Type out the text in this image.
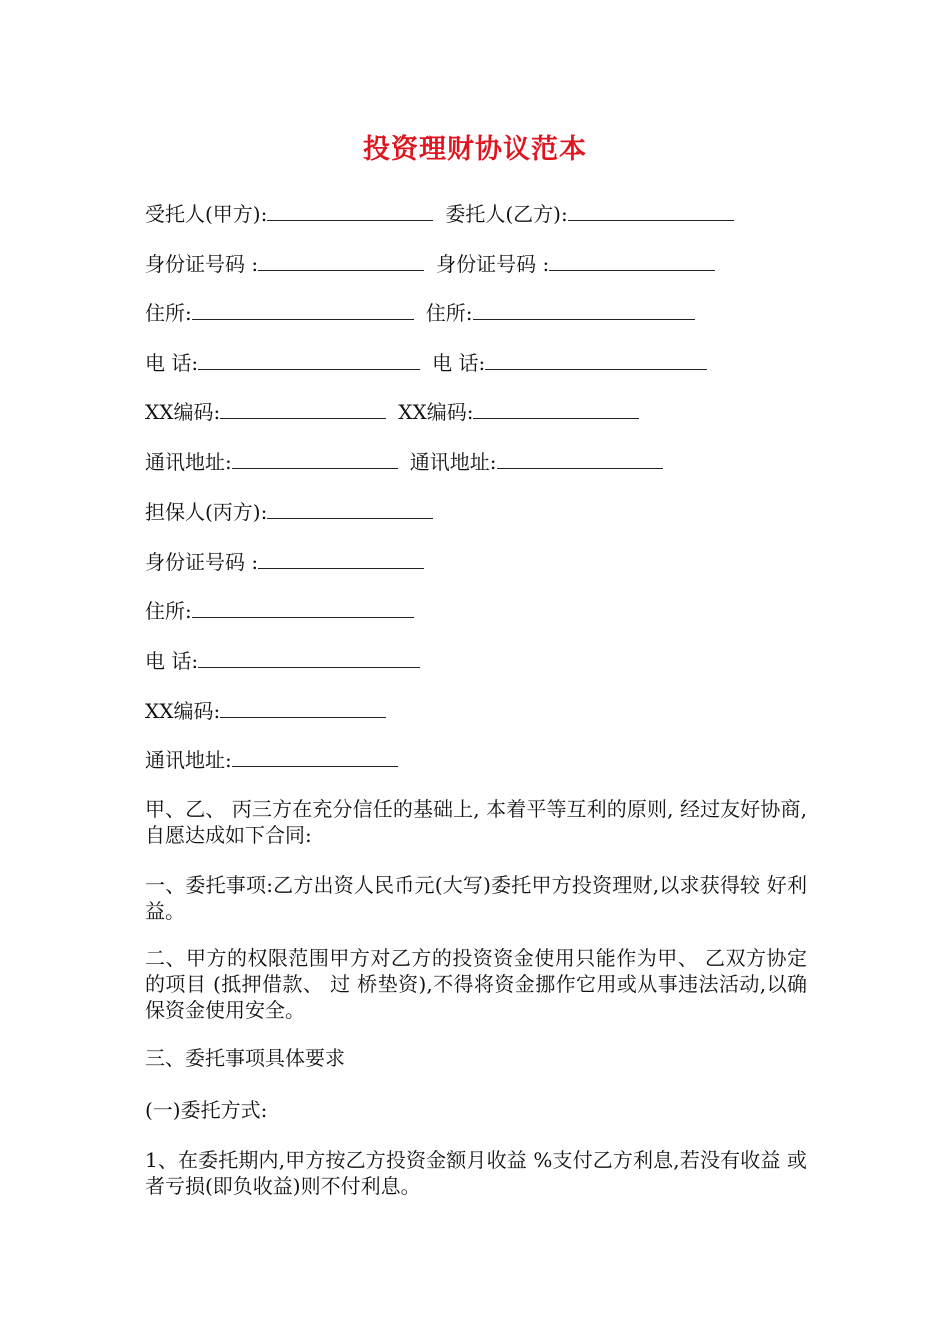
投资理财协议范本
受托人(甲方):	委托人(乙方):
身份证号码 :	身份证号码 :
住所:	住所:
电 话:	电 话:
XX编码:	XX编码:
通讯地址:	通讯地址:
担保人(丙方):
身份证号码 :
住所:
电 话:
XX编码:
通讯地址:
甲、乙、 丙三方在充分信任的基础上, 本着平等互利的原则, 经过友好协商, 自愿达成如下合同:
一、委托事项:乙方出资人民币元(大写)委托甲方投资理财,以求获得较 好利益。
二、甲方的权限范围甲方对乙方的投资资金使用只能作为甲、 乙双方协定的项目 (抵押借款、 过 桥垫资),不得将资金挪作它用或从事违法活动,以确保资金使用安全。
三、委托事项具体要求
(一)委托方式:
1、在委托期内,甲方按乙方投资金额月收益 %支付乙方利息,若没有收益 或者亏损(即负收益)则不付利息。
